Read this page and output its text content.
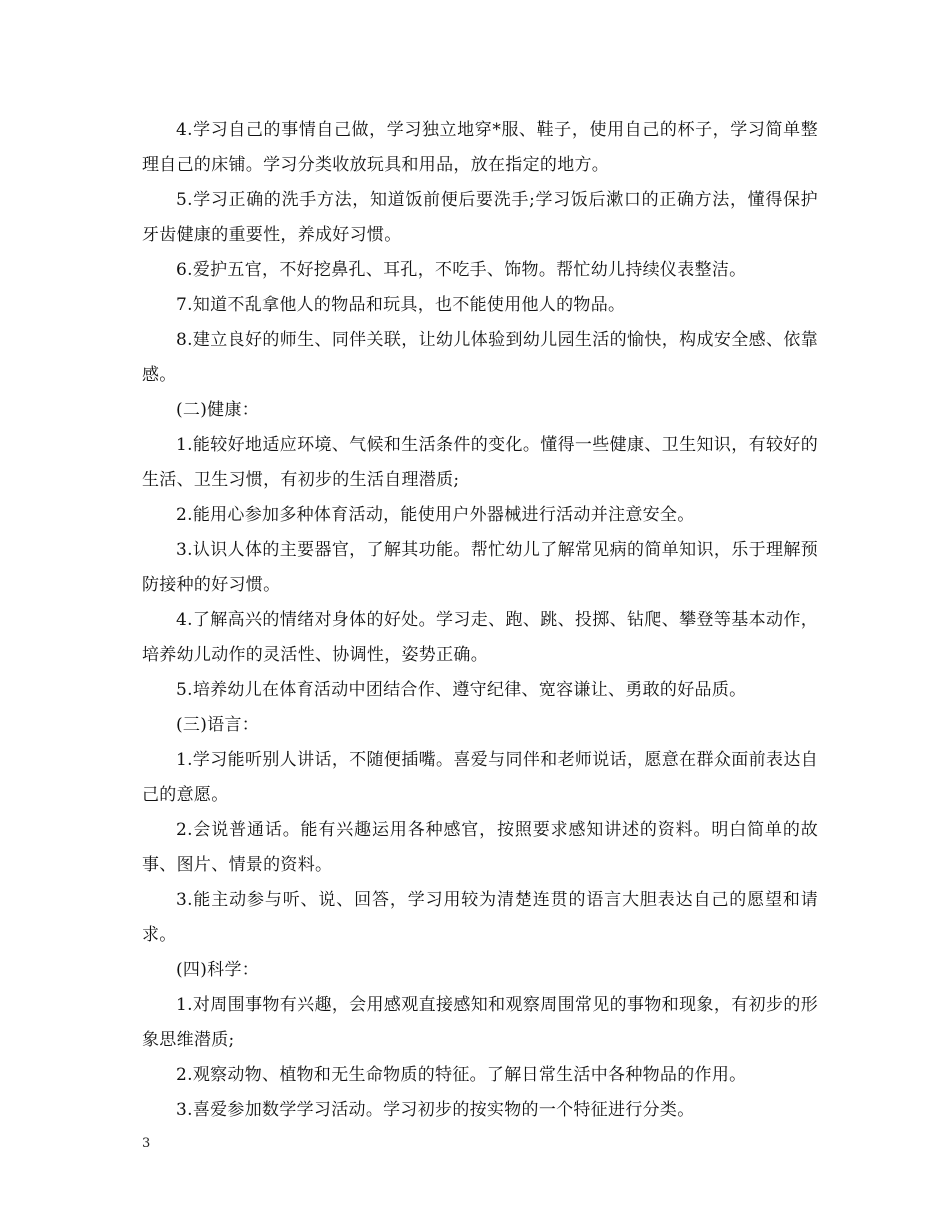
4.学习自己的事情自己做，学习独立地穿*服、鞋子，使用自己的杯子，学习简单整理自己的床铺。学习分类收放玩具和用品，放在指定的地方。

5.学习正确的洗手方法，知道饭前便后要洗手;学习饭后漱口的正确方法，懂得保护牙齿健康的重要性，养成好习惯。

6.爱护五官，不好挖鼻孔、耳孔，不吃手、饰物。帮忙幼儿持续仪表整洁。

7.知道不乱拿他人的物品和玩具，也不能使用他人的物品。

8.建立良好的师生、同伴关联，让幼儿体验到幼儿园生活的愉快，构成安全感、依靠感。

(二)健康：

1.能较好地适应环境、气候和生活条件的变化。懂得一些健康、卫生知识，有较好的生活、卫生习惯，有初步的生活自理潜质;

2.能用心参加多种体育活动，能使用户外器械进行活动并注意安全。

3.认识人体的主要器官，了解其功能。帮忙幼儿了解常见病的简单知识，乐于理解预防接种的好习惯。

4.了解高兴的情绪对身体的好处。学习走、跑、跳、投掷、钻爬、攀登等基本动作，培养幼儿动作的灵活性、协调性，姿势正确。

5.培养幼儿在体育活动中团结合作、遵守纪律、宽容谦让、勇敢的好品质。

(三)语言：

1.学习能听别人讲话，不随便插嘴。喜爱与同伴和老师说话，愿意在群众面前表达自己的意愿。

2.会说普通话。能有兴趣运用各种感官，按照要求感知讲述的资料。明白简单的故事、图片、情景的资料。

3.能主动参与听、说、回答，学习用较为清楚连贯的语言大胆表达自己的愿望和请求。

(四)科学：

1.对周围事物有兴趣，会用感观直接感知和观察周围常见的事物和现象，有初步的形象思维潜质;

2.观察动物、植物和无生命物质的特征。了解日常生活中各种物品的作用。

3.喜爱参加数学学习活动。学习初步的按实物的一个特征进行分类。

3
